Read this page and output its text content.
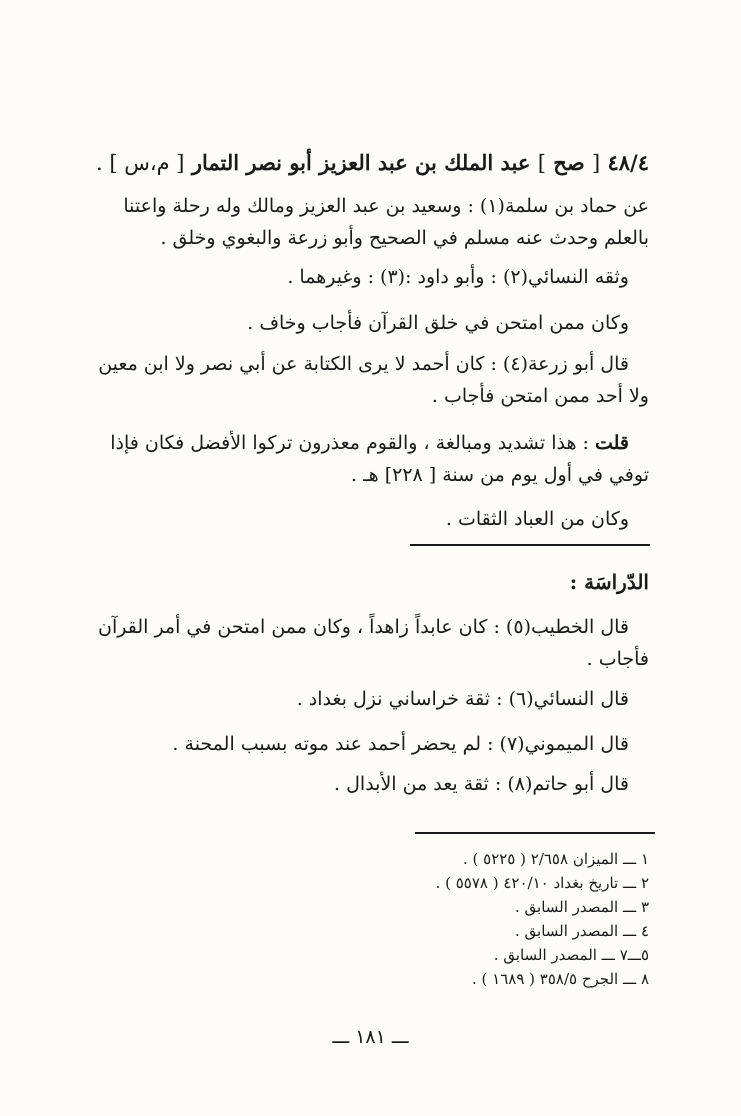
٤٨/٤ [ صح ] عبد الملك بن عبد العزيز أبو نصر التمار [ م،س ] .
عن حماد بن سلمة(١) : وسعيد بن عبد العزيز ومالك وله رحلة واعتنا
بالعلم وحدث عنه مسلم في الصحيح وأبو زرعة والبغوي وخلق .
وثقه النسائي(٢) : وأبو داود :(٣) : وغيرهما .
وكان ممن امتحن في خلق القرآن فأجاب وخاف .
قال أبو زرعة(٤) : كان أحمد لا يرى الكتابة عن أبي نصر ولا ابن معين
ولا أحد ممن امتحن فأجاب .
قلت : هذا تشديد ومبالغة ، والقوم معذرون تركوا الأفضل فكان فإذا
توفي في أول يوم من سنة [ ٢٢٨] هـ .
وكان من العباد الثقات .
الدّراسَة :
قال الخطيب(٥) : كان عابداً زاهداً ، وكان ممن امتحن في أمر القرآن
فأجاب .
قال النسائي(٦) : ثقة خراساني نزل بغداد .
قال الميموني(٧) : لم يحضر أحمد عند موته بسبب المحنة .
قال أبو حاتم(٨) : ثقة يعد من الأبدال .
١ ـــ الميزان ٢/٦٥٨ ( ٥٢٢٥ ) .
٢ ـــ تاريخ بغداد ٤٢٠/١٠ ( ٥٥٧٨ ) .
٣ ـــ المصدر السابق .
٤ ـــ المصدر السابق .
٥ـــ٧ ـــ المصدر السابق .
٨ ـــ الجرح ٣٥٨/٥ ( ١٦٨٩ ) .
ـــ ١٨١ ـــ
